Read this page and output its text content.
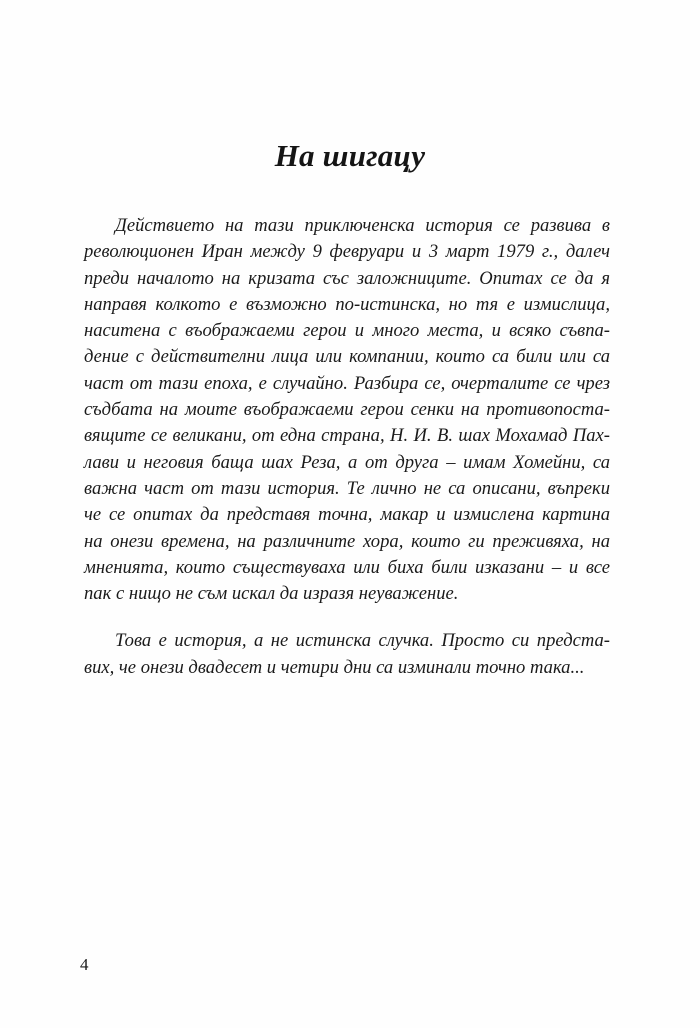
На шигацу
Действието на тази приключенска история се развива в
революционен Иран между 9 февруари и 3 март 1979 г., далеч
преди началото на кризата със заложниците. Опитах се да я
направя колкото е възможно по-истинска, но тя е измислица,
наситена с въображаеми герои и много места, и всяко съвпа-
дение с действителни лица или компании, които са били или са
част от тази епоха, е случайно. Разбира се, очерталите се чрез
съдбата на моите въображаеми герои сенки на противопоста-
вящите се великани, от една страна, Н. И. В. шах Мохамад Пах-
лави и неговия баща шах Реза, а от друга – имам Хомейни, са
важна част от тази история. Те лично не са описани, въпреки
че се опитах да представя точна, макар и измислена картина
на онези времена, на различните хора, които ги преживяха, на
мненията, които съществуваха или биха били изказани – и все
пак с нищо не съм искал да изразя неуважение.
Това е история, а не истинска случка. Просто си предста-
вих, че онези двадесет и четири дни са изминали точно така...
4
